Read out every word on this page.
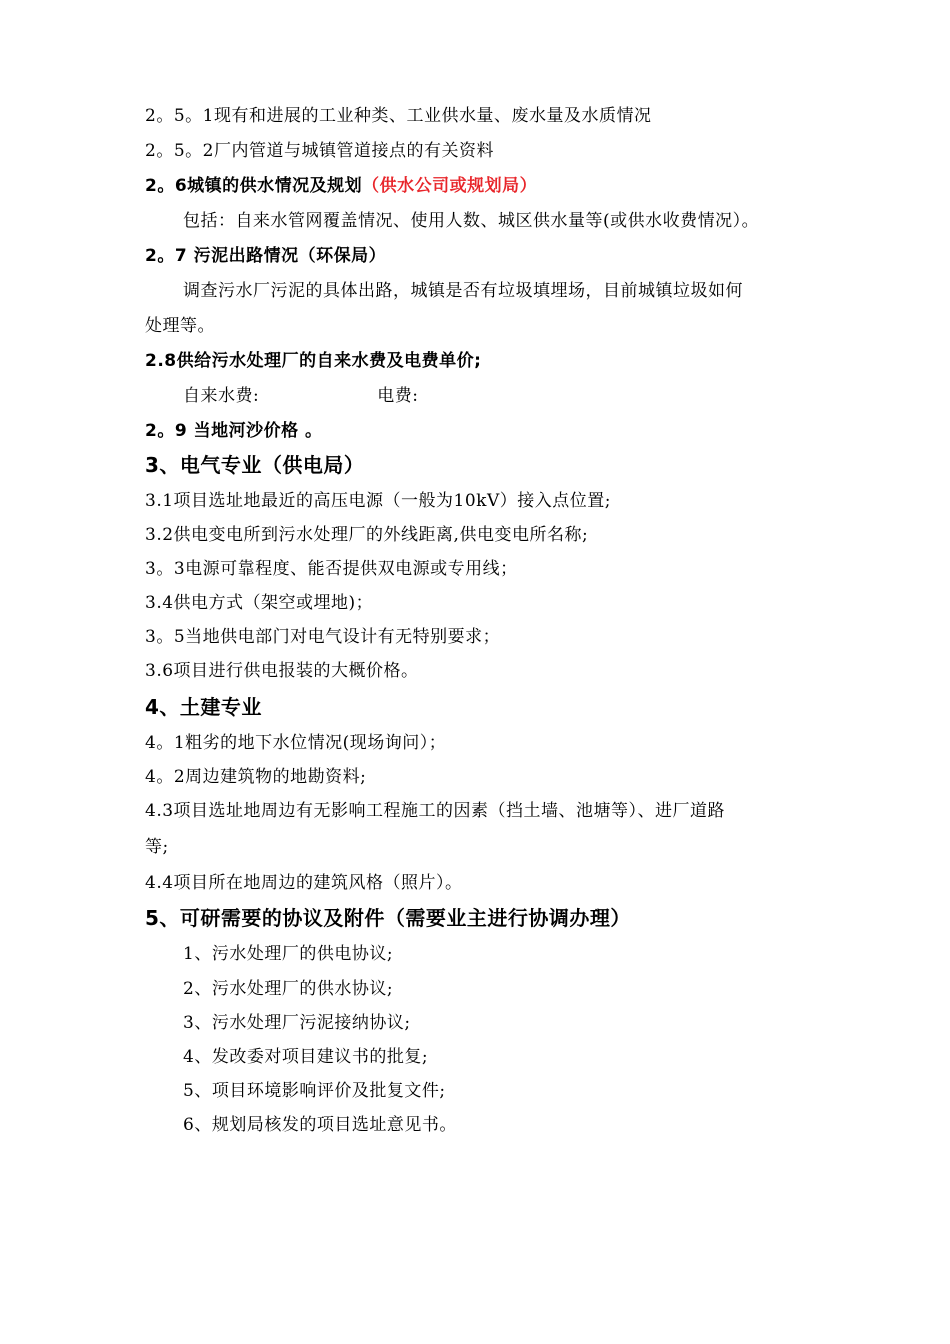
2。5。1现有和进展的工业种类、工业供水量、废水量及水质情况
2。5。2厂内管道与城镇管道接点的有关资料
2。6城镇的供水情况及规划（供水公司或规划局）
包括：自来水管网覆盖情况、使用人数、城区供水量等(或供水收费情况）。
2。7 污泥出路情况（环保局）
调查污水厂污泥的具体出路，城镇是否有垃圾填埋场，目前城镇垃圾如何
处理等。
2.8供给污水处理厂的自来水费及电费单价;
自来水费:	电费:
2。9 当地河沙价格 。
3、电气专业（供电局）
3.1项目选址地最近的高压电源（一般为10kV）接入点位置;
3.2供电变电所到污水处理厂的外线距离,供电变电所名称;
3。3电源可靠程度、能否提供双电源或专用线；
3.4供电方式（架空或埋地)；
3。5当地供电部门对电气设计有无特别要求；
3.6项目进行供电报装的大概价格。
4、土建专业
4。1粗劣的地下水位情况(现场询问）；
4。2周边建筑物的地勘资料;
4.3项目选址地周边有无影响工程施工的因素（挡土墙、池塘等）、进厂道路
等;
4.4项目所在地周边的建筑风格（照片）。
5、可研需要的协议及附件（需要业主进行协调办理）
1、污水处理厂的供电协议;
2、污水处理厂的供水协议;
3、污水处理厂污泥接纳协议;
4、发改委对项目建议书的批复;
5、项目环境影响评价及批复文件;
6、规划局核发的项目选址意见书。
